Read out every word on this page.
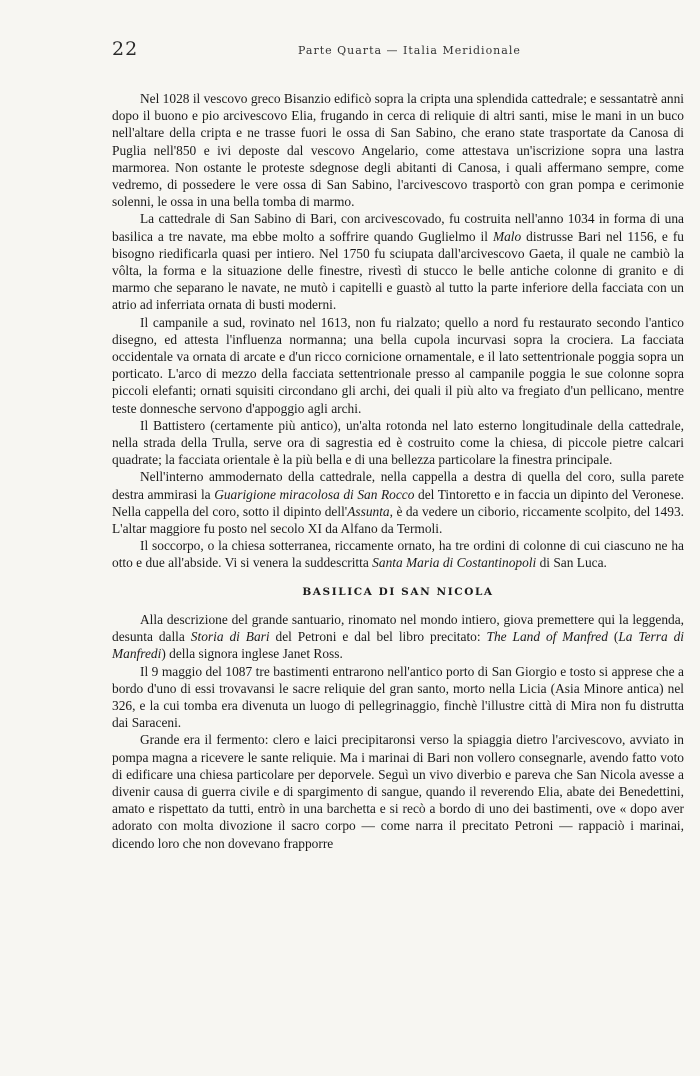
22	Parte Quarta — Italia Meridionale

Nel 1028 il vescovo greco Bisanzio edificò sopra la cripta una splendida cattedrale; e sessantatrè anni dopo il buono e pio arcivescovo Elia, frugando in cerca di reliquie di altri santi, mise le mani in un buco nell'altare della cripta e ne trasse fuori le ossa di San Sabino, che erano state trasportate da Canosa di Puglia nell'850 e ivi deposte dal vescovo Angelario, come attestava un'iscrizione sopra una lastra marmorea. Non ostante le proteste sdegnose degli abitanti di Canosa, i quali affermano sempre, come vedremo, di possedere le vere ossa di San Sabino, l'arcivescovo trasportò con gran pompa e cerimonie solenni, le ossa in una bella tomba di marmo.

La cattedrale di San Sabino di Bari, con arcivescovado, fu costruita nell'anno 1034 in forma di una basilica a tre navate, ma ebbe molto a soffrire quando Guglielmo il Malo distrusse Bari nel 1156, e fu bisogno riedificarla quasi per intiero. Nel 1750 fu sciupata dall'arcivescovo Gaeta, il quale ne cambiò la vôlta, la forma e la situazione delle finestre, rivestì di stucco le belle antiche colonne di granito e di marmo che separano le navate, ne mutò i capitelli e guastò al tutto la parte inferiore della facciata con un atrio ad inferriata ornata di busti moderni.

Il campanile a sud, rovinato nel 1613, non fu rialzato; quello a nord fu restaurato secondo l'antico disegno, ed attesta l'influenza normanna; una bella cupola incurvasi sopra la crociera. La facciata occidentale va ornata di arcate e d'un ricco cornicione ornamentale, e il lato settentrionale poggia sopra un porticato. L'arco di mezzo della facciata settentrionale presso al campanile poggia le sue colonne sopra piccoli elefanti; ornati squisiti circondano gli archi, dei quali il più alto va fregiato d'un pellicano, mentre teste donnesche servono d'appoggio agli archi.

Il Battistero (certamente più antico), un'alta rotonda nel lato esterno longitudinale della cattedrale, nella strada della Trulla, serve ora di sagrestia ed è costruito come la chiesa, di piccole pietre calcari quadrate; la facciata orientale è la più bella e di una bellezza particolare la finestra principale.

Nell'interno ammodernato della cattedrale, nella cappella a destra di quella del coro, sulla parete destra ammirasi la Guarigione miracolosa di San Rocco del Tintoretto e in faccia un dipinto del Veronese. Nella cappella del coro, sotto il dipinto dell'Assunta, è da vedere un ciborio, riccamente scolpito, del 1493. L'altar maggiore fu posto nel secolo XI da Alfano da Termoli.

Il soccorpo, o la chiesa sotterranea, riccamente ornato, ha tre ordini di colonne di cui ciascuno ne ha otto e due all'abside. Vi si venera la suddescritta Santa Maria di Costantinopoli di San Luca.

BASILICA DI SAN NICOLA

Alla descrizione del grande santuario, rinomato nel mondo intiero, giova premettere qui la leggenda, desunta dalla Storia di Bari del Petroni e dal bel libro precitato: The Land of Manfred (La Terra di Manfredi) della signora inglese Janet Ross.

Il 9 maggio del 1087 tre bastimenti entrarono nell'antico porto di San Giorgio e tosto si apprese che a bordo d'uno di essi trovavansi le sacre reliquie del gran santo, morto nella Licia (Asia Minore antica) nel 326, e la cui tomba era divenuta un luogo di pellegrinaggio, finchè l'illustre città di Mira non fu distrutta dai Saraceni.

Grande era il fermento: clero e laici precipitaronsi verso la spiaggia dietro l'arcivescovo, avviato in pompa magna a ricevere le sante reliquie. Ma i marinai di Bari non vollero consegnarle, avendo fatto voto di edificare una chiesa particolare per deporvele. Seguì un vivo diverbio e pareva che San Nicola avesse a divenir causa di guerra civile e di spargimento di sangue, quando il reverendo Elia, abate dei Benedettini, amato e rispettato da tutti, entrò in una barchetta e si recò a bordo di uno dei bastimenti, ove « dopo aver adorato con molta divozione il sacro corpo — come narra il precitato Petroni — rappaciò i marinai, dicendo loro che non dovevano frapporre
